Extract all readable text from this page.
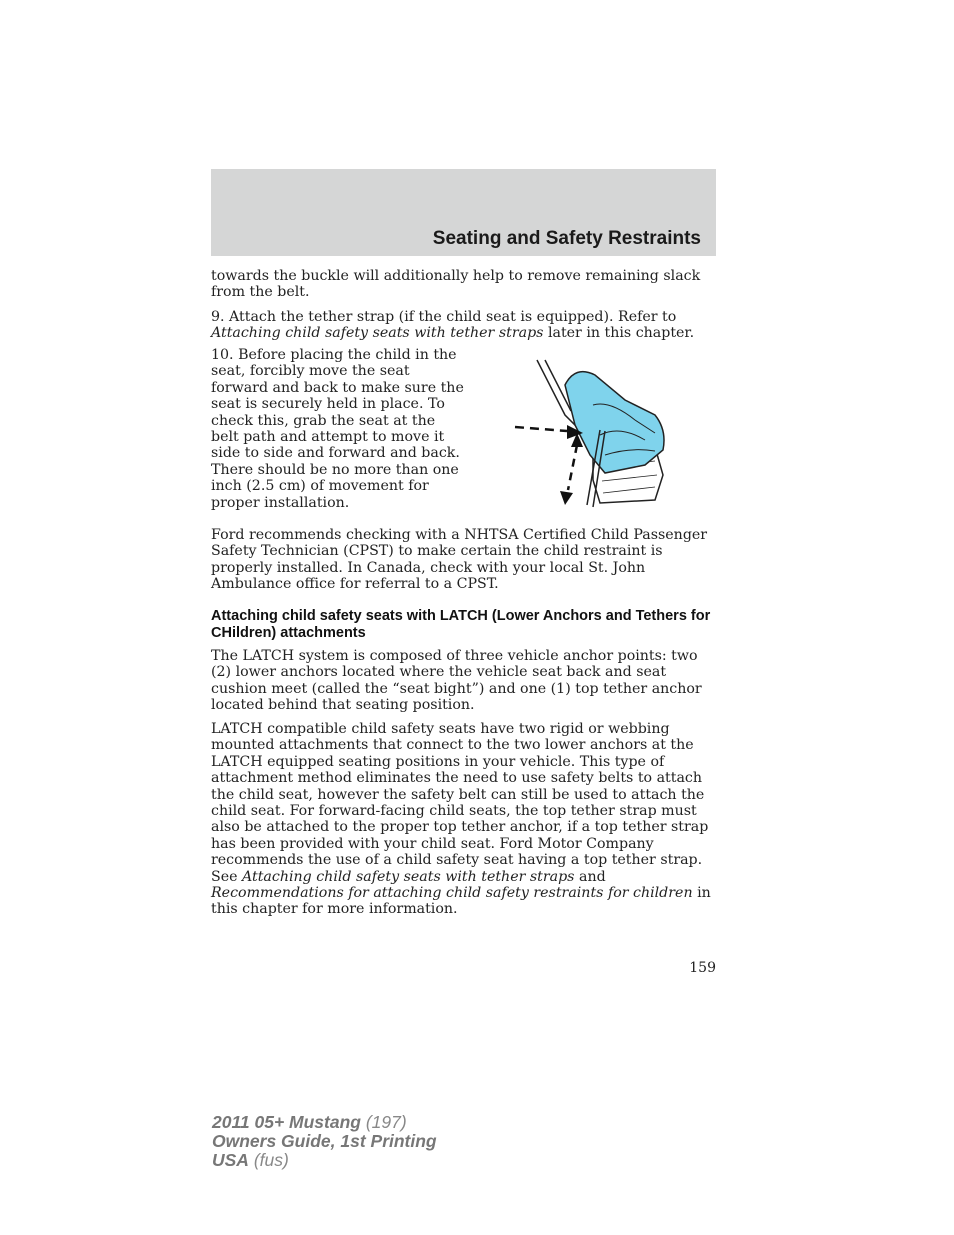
Seating and Safety Restraints

towards the buckle will additionally help to remove remaining slack from the belt.

9. Attach the tether strap (if the child seat is equipped). Refer to
Attaching child safety seats with tether straps later in this chapter.

10. Before placing the child in the seat, forcibly move the seat forward and back to make sure the seat is securely held in place. To check this, grab the seat at the belt path and attempt to move it side to side and forward and back. There should be no more than one inch (2.5 cm) of movement for proper installation.

Ford recommends checking with a NHTSA Certified Child Passenger Safety Technician (CPST) to make certain the child restraint is properly installed. In Canada, check with your local St. John Ambulance office for referral to a CPST.

Attaching child safety seats with LATCH (Lower Anchors and Tethers for CHildren) attachments

The LATCH system is composed of three vehicle anchor points: two (2) lower anchors located where the vehicle seat back and seat cushion meet (called the “seat bight”) and one (1) top tether anchor located behind that seating position.

LATCH compatible child safety seats have two rigid or webbing mounted attachments that connect to the two lower anchors at the LATCH equipped seating positions in your vehicle. This type of attachment method eliminates the need to use safety belts to attach the child seat, however the safety belt can still be used to attach the child seat. For forward-facing child seats, the top tether strap must also be attached to the proper top tether anchor, if a top tether strap has been provided with your child seat. Ford Motor Company recommends the use of a child safety seat having a top tether strap. See Attaching child safety seats with tether straps and Recommendations for attaching child safety restraints for children in this chapter for more information.

159
2011 05+ Mustang (197)
Owners Guide, 1st Printing
USA (fus)
